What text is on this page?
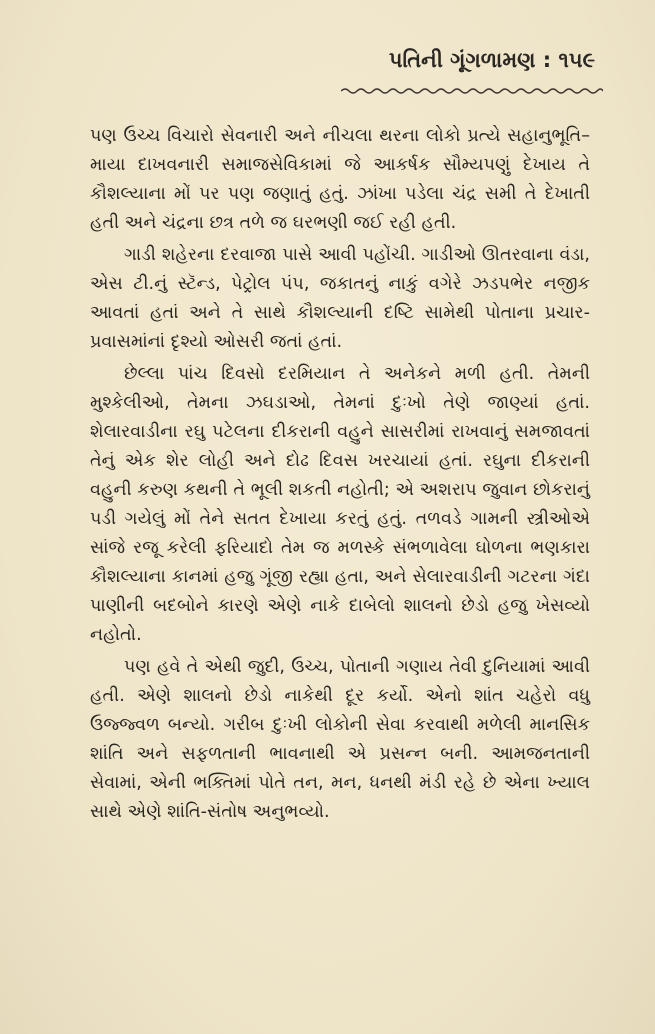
પતિની ગૂંગળામણ : ૧૫૯

પણ ઉચ્ચ વિચારો સેવનારી અને નીચલા થરના લોકો પ્રત્યે સહાનુભૂતિ–માયા દાખવનારી સમાજસેવિકામાં જે આકર્ષક સૌમ્યપણું દેખાય તે કૌશલ્યાના મોં પર પણ જણાતું હતું. ઝાંખા પડેલા ચંદ્ર સમી તે દેખાતી હતી અને ચંદ્રના છત્ર તળે જ ઘરભણી જઈ રહી હતી.

ગાડી શહેરના દરવાજા પાસે આવી પહોંચી. ગાડીઓ ઊતરવાના વંડા, એસ ટી.નું સ્ટૅન્ડ, પેટ્રોલ પંપ, જકાતનું નાકું વગેરે ઝડપભેર નજીક આવતાં હતાં અને તે સાથે કૌશલ્યાની દષ્ટિ સામેથી પોતાના પ્રચાર-પ્રવાસમાંનાં દૃશ્યો ઓસરી જતાં હતાં.

છેલ્લા પાંચ દિવસો દરમિયાન તે અનેકને મળી હતી. તેમની મુશ્કેલીઓ, તેમના ઝઘડાઓ, તેમનાં દુઃખો તેણે જાણ્યાં હતાં. શેલારવાડીના રઘુ પટેલના દીકરાની વહુને સાસરીમાં રાખવાનું સમજાવતાં તેનું એક શેર લોહી અને દોઢ દિવસ ખરચાયાં હતાં. રઘુના દીકરાની વહુની કરુણ કથની તે ભૂલી શકતી નહોતી; એ અશરાપ જુવાન છોકરાનું પડી ગયેલું મોં તેને સતત દેખાયા કરતું હતું. તળવડે ગામની સ્ત્રીઓએ સાંજે રજૂ કરેલી ફરિયાદો તેમ જ મળસ્કે સંભળાવેલા ઘોળના ભણકારા કૌશલ્યાના કાનમાં હજુ ગૂંજી રહ્યા હતા, અને સેલારવાડીની ગટરના ગંદા પાણીની બદબોને કારણે એણે નાકે દાબેલો શાલનો છેડો હજુ ખેસવ્યો નહોતો.

પણ હવે તે એથી જુદી, ઉચ્ચ, પોતાની ગણાય તેવી દુનિયામાં આવી હતી. એણે શાલનો છેડો નાકેથી દૂર કર્યો. એનો શાંત ચહેરો વધુ ઉજ્જ્વળ બન્યો. ગરીબ દુઃખી લોકોની સેવા કરવાથી મળેલી માનસિક શાંતિ અને સફળતાની ભાવનાથી એ પ્રસન્ન બની. આમજનતાની સેવામાં, એની ભક્તિમાં પોતે તન, મન, ધનથી મંડી રહે છે એના ખ્યાલ સાથે એણે શાંતિ-સંતોષ અનુભવ્યો.
